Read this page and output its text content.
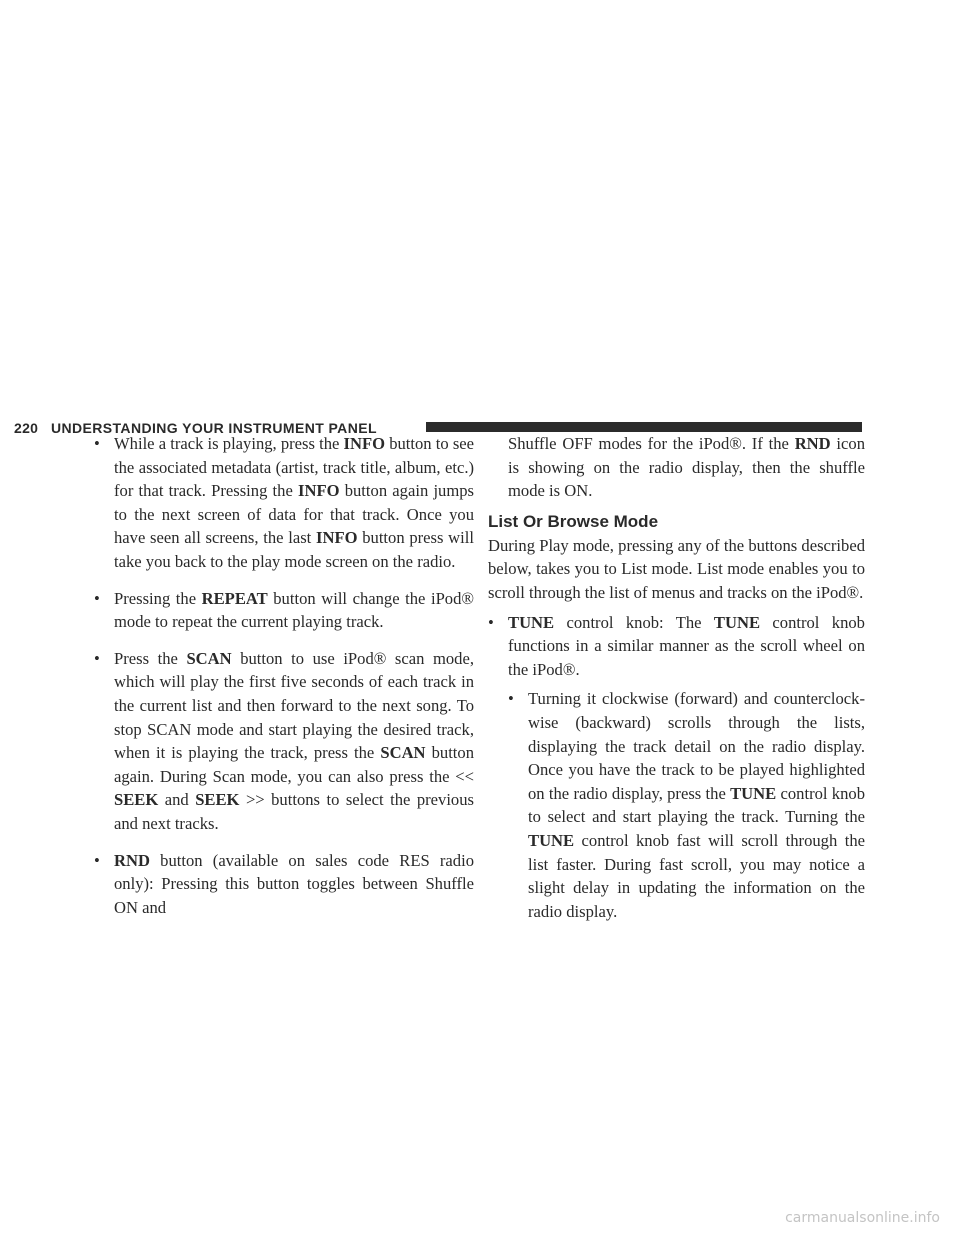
220 UNDERSTANDING YOUR INSTRUMENT PANEL
• While a track is playing, press the INFO button to see the associated metadata (artist, track title, album, etc.) for that track. Pressing the INFO button again jumps to the next screen of data for that track. Once you have seen all screens, the last INFO button press will take you back to the play mode screen on the radio.
• Pressing the REPEAT button will change the iPod® mode to repeat the current playing track.
• Press the SCAN button to use iPod® scan mode, which will play the first five seconds of each track in the current list and then forward to the next song. To stop SCAN mode and start playing the desired track, when it is playing the track, press the SCAN button again. During Scan mode, you can also press the << SEEK and SEEK >> buttons to select the previous and next tracks.
• RND button (available on sales code RES radio only): Pressing this button toggles between Shuffle ON and
Shuffle OFF modes for the iPod®. If the RND icon is showing on the radio display, then the shuffle mode is ON.
List Or Browse Mode
During Play mode, pressing any of the buttons described below, takes you to List mode. List mode enables you to scroll through the list of menus and tracks on the iPod®.
• TUNE control knob: The TUNE control knob functions in a similar manner as the scroll wheel on the iPod®.
• Turning it clockwise (forward) and counterclock-wise (backward) scrolls through the lists, displaying the track detail on the radio display. Once you have the track to be played highlighted on the radio display, press the TUNE control knob to select and start playing the track. Turning the TUNE control knob fast will scroll through the list faster. During fast scroll, you may notice a slight delay in updating the information on the radio display.
carmanualsonline.info
